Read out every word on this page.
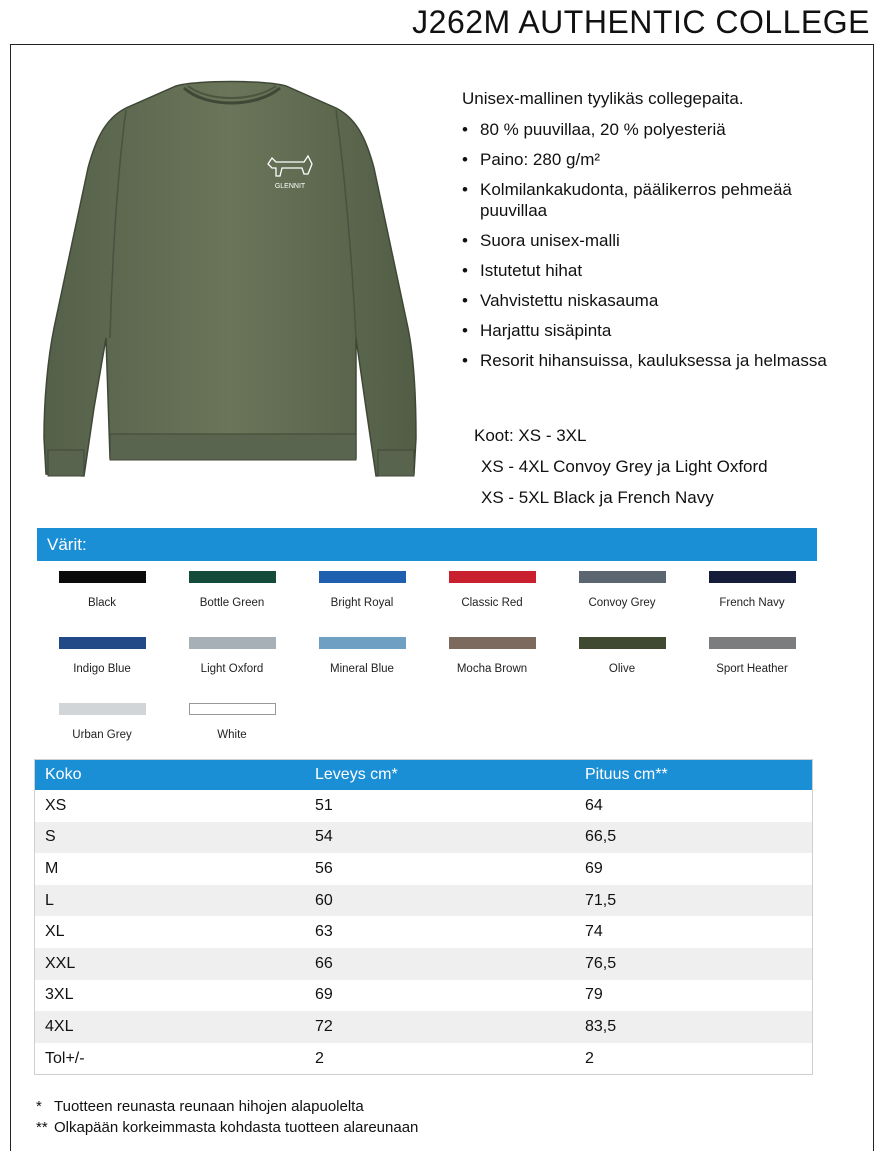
J262M AUTHENTIC COLLEGE
GLENNIT

Unisex-mallinen tyylikäs collegepaita.

• 80 % puuvillaa, 20 % polyesteriä
• Paino: 280 g/m²
• Kolmilankakudonta, päälikerros pehmeää puuvillaa
• Suora unisex-malli
• Istutetut hihat
• Vahvistettu niskasauma
• Harjattu sisäpinta
• Resorit hihansuissa, kauluksessa ja helmassa
Koot: XS - 3XL
XS - 4XL Convoy Grey ja Light Oxford
XS - 5XL Black ja French Navy
Värit:
Black	Bottle Green	Bright Royal	Classic Red	Convoy Grey	French Navy
Indigo Blue	Light Oxford	Mineral Blue	Mocha Brown	Olive	Sport Heather
Urban Grey	White
Koko	Leveys cm*	Pituus cm**
XS	51	64
S	54	66,5
M	56	69
L	60	71,5
XL	63	74
XXL	66	76,5
3XL	69	79
4XL	72	83,5
Tol+/-	2	2
* Tuotteen reunasta reunaan hihojen alapuolelta
** Olkapään korkeimmasta kohdasta tuotteen alareunaan
